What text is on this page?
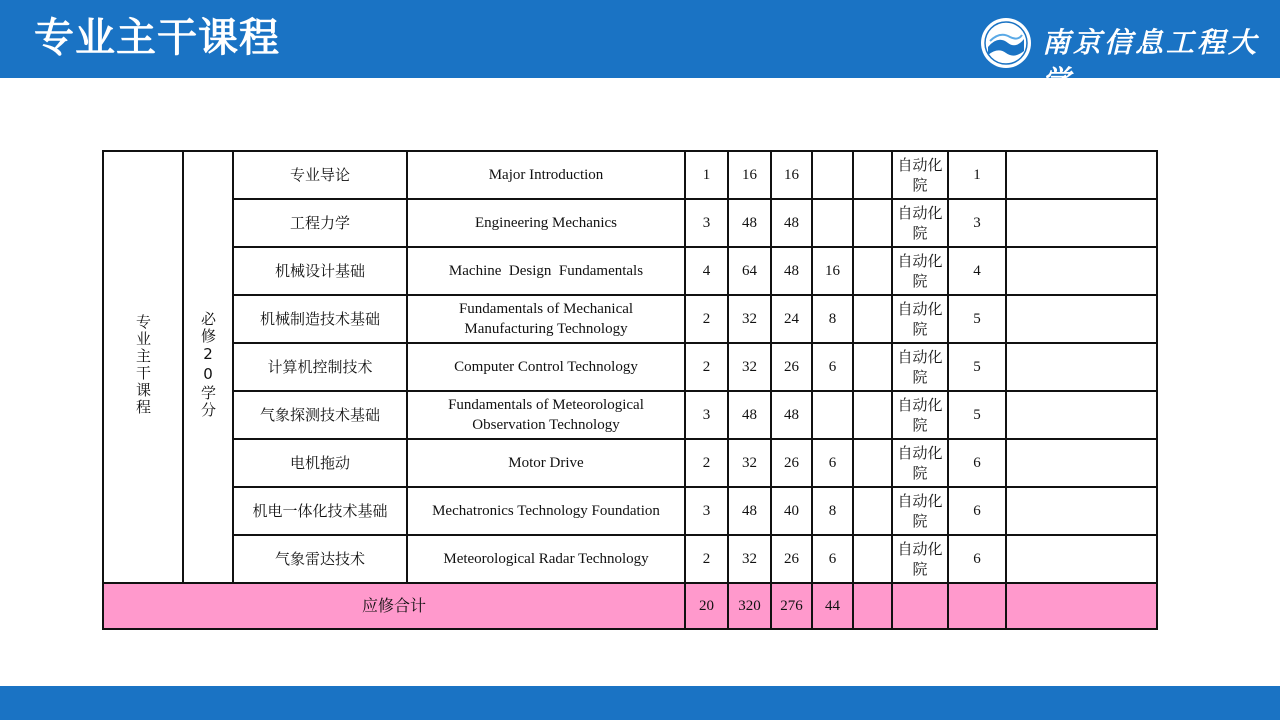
专业主干课程	南京信息工程大学
专业主干课程	必修20学分	专业导论	Major Introduction	1	16	16			自动化院	1	
		工程力学	Engineering Mechanics	3	48	48			自动化院	3	
		机械设计基础	Machine  Design  Fundamentals	4	64	48	16		自动化院	4	
		机械制造技术基础	Fundamentals of Mechanical Manufacturing Technology	2	32	24	8		自动化院	5	
		计算机控制技术	Computer Control Technology	2	32	26	6		自动化院	5	
		气象探测技术基础	Fundamentals of Meteorological Observation Technology	3	48	48			自动化院	5	
		电机拖动	Motor Drive	2	32	26	6		自动化院	6	
		机电一体化技术基础	Mechatronics Technology Foundation	3	48	40	8		自动化院	6	
		气象雷达技术	Meteorological Radar Technology	2	32	26	6		自动化院	6	
应修合计				20	320	276	44				
